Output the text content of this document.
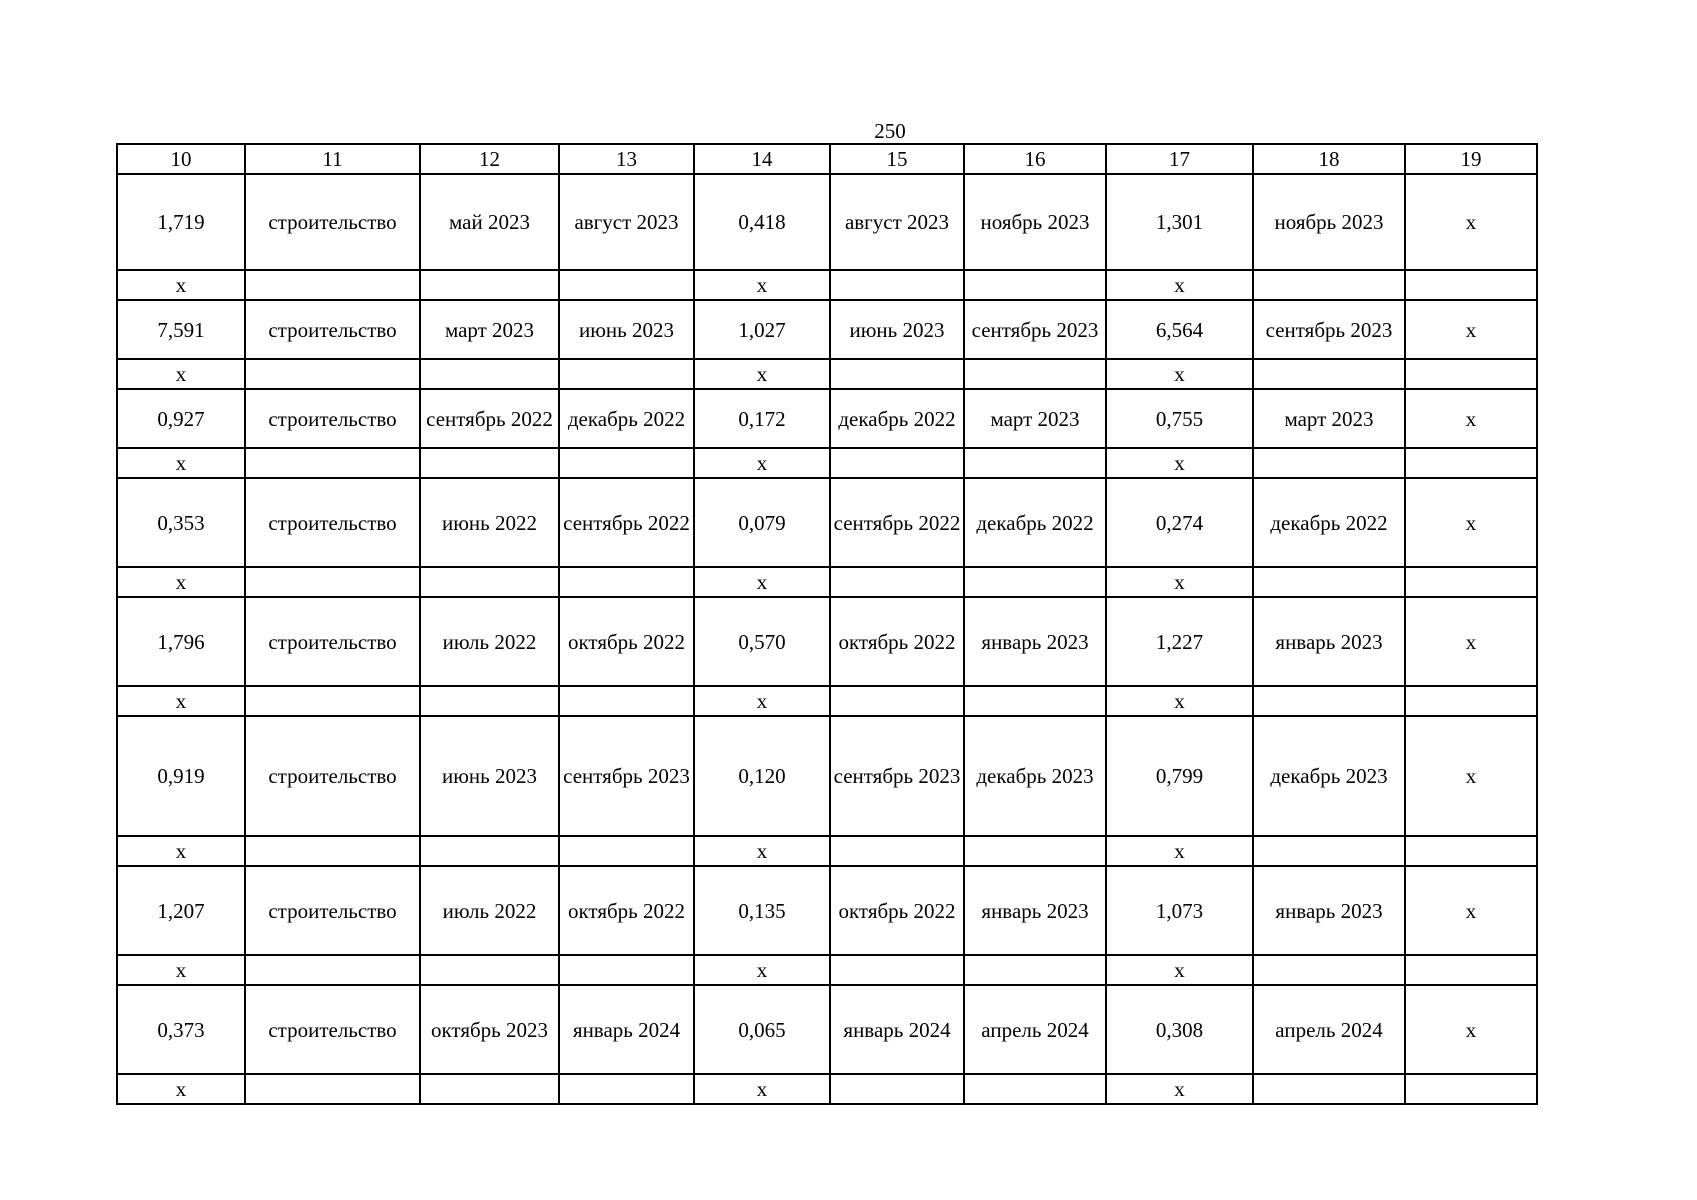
250
10	11	12	13	14	15	16	17	18	19
1,719	строительство	май 2023	август 2023	0,418	август 2023	ноябрь 2023	1,301	ноябрь 2023	х
х				х			х		
7,591	строительство	март 2023	июнь 2023	1,027	июнь 2023	сентябрь 2023	6,564	сентябрь 2023	х
х				х			х		
0,927	строительство	сентябрь 2022	декабрь 2022	0,172	декабрь 2022	март 2023	0,755	март 2023	х
х				х			х		
0,353	строительство	июнь 2022	сентябрь 2022	0,079	сентябрь 2022	декабрь 2022	0,274	декабрь 2022	х
х				х			х		
1,796	строительство	июль 2022	октябрь 2022	0,570	октябрь 2022	январь 2023	1,227	январь 2023	х
х				х			х		
0,919	строительство	июнь 2023	сентябрь 2023	0,120	сентябрь 2023	декабрь 2023	0,799	декабрь 2023	х
х				х			х		
1,207	строительство	июль 2022	октябрь 2022	0,135	октябрь 2022	январь 2023	1,073	январь 2023	х
х				х			х		
0,373	строительство	октябрь 2023	январь 2024	0,065	январь 2024	апрель 2024	0,308	апрель 2024	х
х				х			х		
